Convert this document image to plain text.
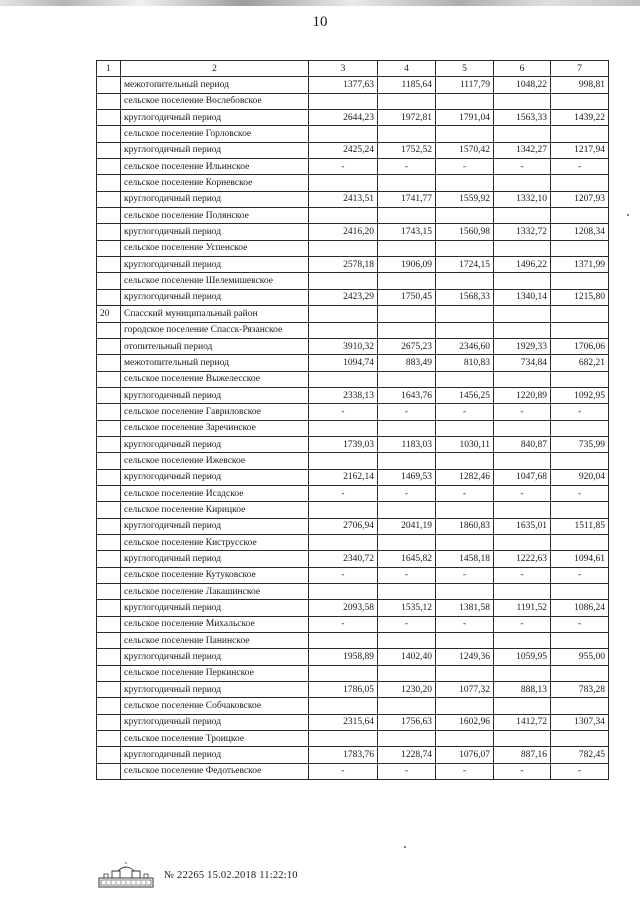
10
1	2	3	4	5	6	7
	межотопительный период	1377,63	1185,64	1117,79	1048,22	998,81
	сельское поселение Вослебовское					
	круглогодичный период	2644,23	1972,81	1791,04	1563,33	1439,22
	сельское поселение Горловское					
	круглогодичный период	2425,24	1752,52	1570,42	1342,27	1217,94
	сельское поселение Ильинское	-	-	-	-	-
	сельское поселение Корневское					
	круглогодичный период	2413,51	1741,77	1559,92	1332,10	1207,93
	сельское поселение Полянское					
	круглогодичный период	2416,20	1743,15	1560,98	1332,72	1208,34
	сельское поселение Успенское					
	круглогодичный период	2578,18	1906,09	1724,15	1496,22	1371,99
	сельское поселение Шелемишевское					
	круглогодичный период	2423,29	1750,45	1568,33	1340,14	1215,80
20	Спасский муниципальный район					
	городское поселение Спасск-Рязанское					
	отопительный период	3910,32	2675,23	2346,60	1929,33	1706,06
	межотопительный период	1094,74	883,49	810,83	734,84	682,21
	сельское поселение Выжелесское					
	круглогодичный период	2338,13	1643,76	1456,25	1220,89	1092,95
	сельское поселение Гавриловское	-	-	-	-	-
	сельское поселение Заречинское					
	круглогодичный период	1739,03	1183,03	1030,11	840,87	735,99
	сельское поселение Ижевское					
	круглогодичный период	2162,14	1469,53	1282,46	1047,68	920,04
	сельское поселение Исадское	-	-	-	-	-
	сельское поселение Кирицкое					
	круглогодичный период	2706,94	2041,19	1860,83	1635,01	1511,85
	сельское поселение Киструсское					
	круглогодичный период	2340,72	1645,82	1458,18	1222,63	1094,61
	сельское поселение Кутуковское	-	-	-	-	-
	сельское поселение Лакашинское					
	круглогодичный период	2093,58	1535,12	1381,58	1191,52	1086,24
	сельское поселение Михальское	-	-	-	-	-
	сельское поселение Панинское					
	круглогодичный период	1958,89	1402,40	1249,36	1059,95	955,00
	сельское поселение Перкинское					
	круглогодичный период	1786,05	1230,20	1077,32	888,13	783,28
	сельское поселение Собчаковское					
	круглогодичный период	2315,64	1756,63	1602,96	1412,72	1307,34
	сельское поселение Троицкое					
	круглогодичный период	1783,76	1228,74	1076,07	887,16	782,45
	сельское поселение Федотьевское	-	-	-	-	-
№ 22265 15.02.2018 11:22:10
